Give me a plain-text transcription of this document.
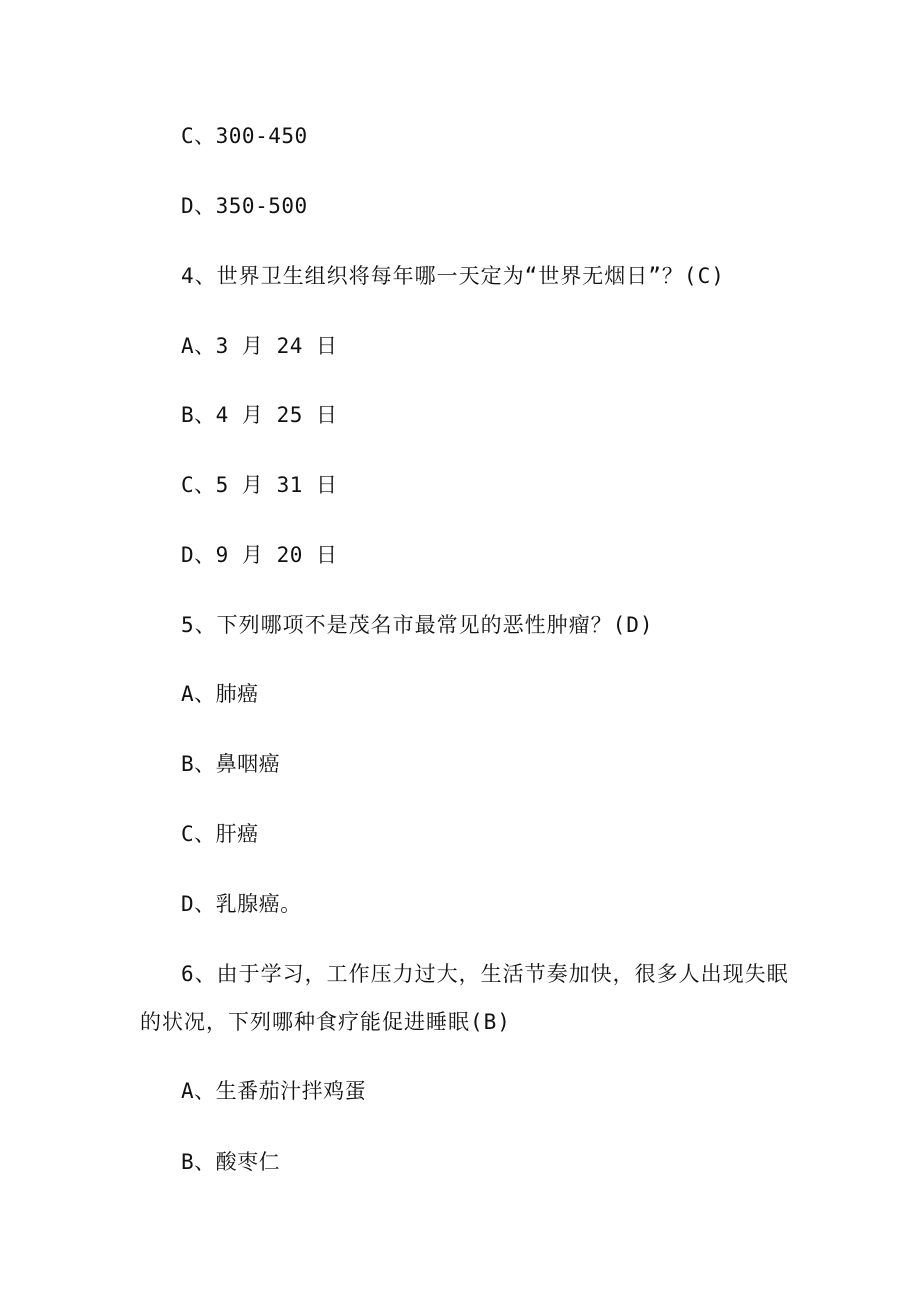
C、300-450
D、350-500
4、世界卫生组织将每年哪一天定为“世界无烟日”？(C)
A、3 月 24 日
B、4 月 25 日
C、5 月 31 日
D、9 月 20 日
5、下列哪项不是茂名市最常见的恶性肿瘤？(D)
A、肺癌
B、鼻咽癌
C、肝癌
D、乳腺癌。
6、由于学习，工作压力过大，生活节奏加快，很多人出现失眠
的状况，下列哪种食疗能促进睡眠(B)
A、生番茄汁拌鸡蛋
B、酸枣仁
